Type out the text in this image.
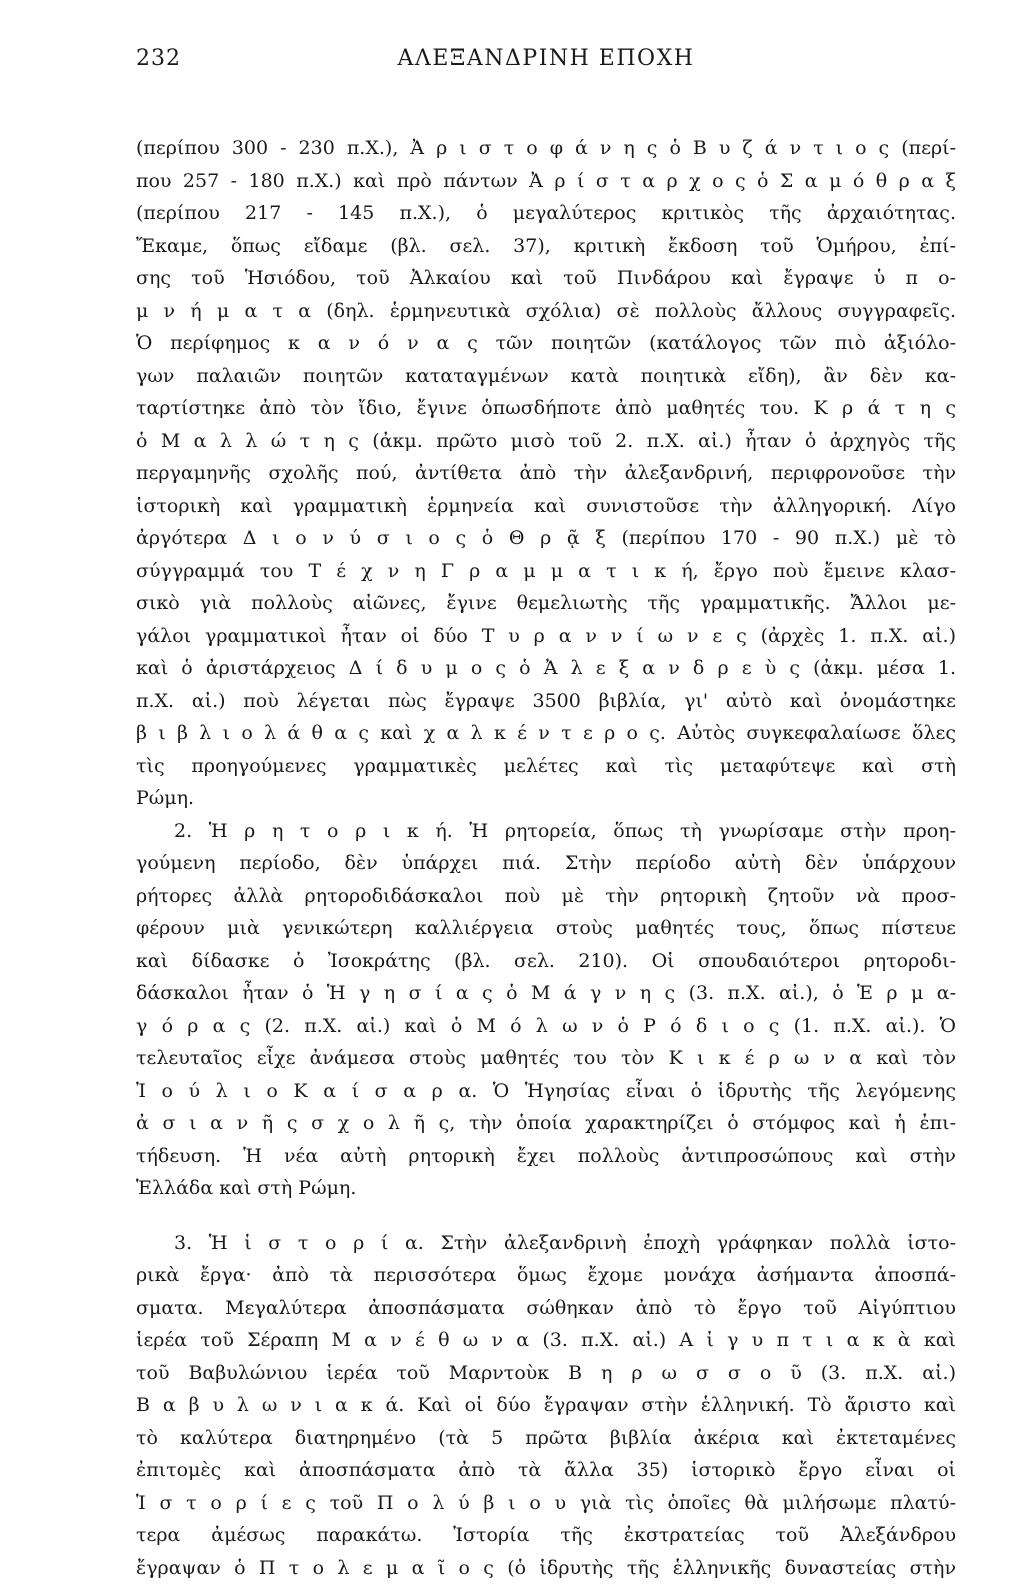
232	ΑΛΕΞΑΝΔΡΙΝΗ ΕΠΟΧΗ
(περίπου 300 - 230 π.Χ.), Ἀ ρ ι σ τ ο φ ά ν η ς ὁ Β υ ζ ά ν τ ι ο ς (περί-
που 257 - 180 π.Χ.) καὶ πρὸ πάντων Ἀ ρ ί σ τ α ρ χ ο ς ὁ Σ α μ ό θ ρ α ξ
(περίπου 217 - 145 π.Χ.), ὁ μεγαλύτερος κριτικὸς τῆς ἀρχαιότητας.
Ἔκαμε, ὅπως εἴδαμε (βλ. σελ. 37), κριτικὴ ἔκδοση τοῦ Ὁμήρου, ἐπί-
σης τοῦ Ἡσιόδου, τοῦ Ἀλκαίου καὶ τοῦ Πινδάρου καὶ ἔγραψε ὑ π ο-
μ ν ή μ α τ α (δηλ. ἑρμηνευτικὰ σχόλια) σὲ πολλοὺς ἄλλους συγγραφεῖς.
Ὁ περίφημος κ α ν ό ν α ς τῶν ποιητῶν (κατάλογος τῶν πιὸ ἀξιόλο-
γων παλαιῶν ποιητῶν καταταγμένων κατὰ ποιητικὰ εἴδη), ἂν δὲν κα-
ταρτίστηκε ἀπὸ τὸν ἴδιο, ἔγινε ὁπωσδήποτε ἀπὸ μαθητές του. Κ ρ ά τ η ς
ὁ Μ α λ λ ώ τ η ς (ἀκμ. πρῶτο μισὸ τοῦ 2. π.Χ. αἰ.) ἦταν ὁ ἀρχηγὸς τῆς
περγαμηνῆς σχολῆς πού, ἀντίθετα ἀπὸ τὴν ἀλεξανδρινή, περιφρονοῦσε τὴν
ἱστορικὴ καὶ γραμματικὴ ἑρμηνεία καὶ συνιστοῦσε τὴν ἀλληγορική. Λίγο
ἀργότερα Δ ι ο ν ύ σ ι ο ς ὁ Θ ρ ᾷ ξ (περίπου 170 - 90 π.Χ.) μὲ τὸ
σύγγραμμά του Τ έ χ ν η Γ ρ α μ μ α τ ι κ ή, ἔργο ποὺ ἔμεινε κλασ-
σικὸ γιὰ πολλοὺς αἰῶνες, ἔγινε θεμελιωτὴς τῆς γραμματικῆς. Ἄλλοι με-
γάλοι γραμματικοὶ ἦταν οἱ δύο Τ υ ρ α ν ν ί ω ν ε ς (ἀρχὲς 1. π.Χ. αἰ.)
καὶ ὁ ἀριστάρχειος Δ ί δ υ μ ο ς ὁ Ἀ λ ε ξ α ν δ ρ ε ὺ ς (ἀκμ. μέσα 1.
π.Χ. αἰ.) ποὺ λέγεται πὼς ἔγραψε 3500 βιβλία, γι' αὐτὸ καὶ ὀνομάστηκε
β ι β λ ι ο λ ά θ α ς καὶ χ α λ κ έ ν τ ε ρ ο ς. Αὐτὸς συγκεφαλαίωσε ὅλες
τὶς προηγούμενες γραμματικὲς μελέτες καὶ τὶς μεταφύτεψε καὶ στὴ
Ρώμη.
2. Ἡ ρ η τ ο ρ ι κ ή. Ἡ ρητορεία, ὅπως τὴ γνωρίσαμε στὴν προη-
γούμενη περίοδο, δὲν ὑπάρχει πιά. Στὴν περίοδο αὐτὴ δὲν ὑπάρχουν
ρήτορες ἀλλὰ ρητοροδιδάσκαλοι ποὺ μὲ τὴν ρητορικὴ ζητοῦν νὰ προσ-
φέρουν μιὰ γενικώτερη καλλιέργεια στοὺς μαθητές τους, ὅπως πίστευε
καὶ δίδασκε ὁ Ἰσοκράτης (βλ. σελ. 210). Οἱ σπουδαιότεροι ρητοροδι-
δάσκαλοι ἦταν ὁ Ἡ γ η σ ί α ς ὁ Μ ά γ ν η ς (3. π.Χ. αἰ.), ὁ Ἑ ρ μ α-
γ ό ρ α ς (2. π.Χ. αἰ.) καὶ ὁ Μ ό λ ω ν ὁ Ρ ό δ ι ο ς (1. π.Χ. αἰ.). Ὁ
τελευταῖος εἶχε ἀνάμεσα στοὺς μαθητές του τὸν Κ ι κ έ ρ ω ν α καὶ τὸν
Ἰ ο ύ λ ι ο Κ α ί σ α ρ α. Ὁ Ἡγησίας εἶναι ὁ ἱδρυτὴς τῆς λεγόμενης
ἀ σ ι α ν ῆ ς σ χ ο λ ῆ ς, τὴν ὁποία χαρακτηρίζει ὁ στόμφος καὶ ἡ ἐπι-
τήδευση. Ἡ νέα αὐτὴ ρητορικὴ ἔχει πολλοὺς ἀντιπροσώπους καὶ στὴν
Ἑλλάδα καὶ στὴ Ρώμη.
3. Ἡ ἱ σ τ ο ρ ί α. Στὴν ἀλεξανδρινὴ ἐποχὴ γράφηκαν πολλὰ ἱστο-
ρικὰ ἔργα· ἀπὸ τὰ περισσότερα ὅμως ἔχομε μονάχα ἀσήμαντα ἀποσπά-
σματα. Μεγαλύτερα ἀποσπάσματα σώθηκαν ἀπὸ τὸ ἔργο τοῦ Αἰγύπτιου
ἱερέα τοῦ Σέραπη Μ α ν έ θ ω ν α (3. π.Χ. αἰ.) Α ἰ γ υ π τ ι α κ ὰ καὶ
τοῦ Βαβυλώνιου ἱερέα τοῦ Μαρντοὺκ Β η ρ ω σ σ ο ῦ (3. π.Χ. αἰ.)
Β α β υ λ ω ν ι α κ ά. Καὶ οἱ δύο ἔγραψαν στὴν ἑλληνική. Τὸ ἄριστο καὶ
τὸ καλύτερα διατηρημένο (τὰ 5 πρῶτα βιβλία ἀκέρια καὶ ἐκτεταμένες
ἐπιτομὲς καὶ ἀποσπάσματα ἀπὸ τὰ ἄλλα 35) ἱστορικὸ ἔργο εἶναι οἱ
Ἱ σ τ ο ρ ί ε ς τοῦ Π ο λ ύ β ι ο υ γιὰ τὶς ὁποῖες θὰ μιλήσωμε πλατύ-
τερα ἀμέσως παρακάτω. Ἱστορία τῆς ἐκστρατείας τοῦ Ἀλεξάνδρου
ἔγραψαν ὁ Π τ ο λ ε μ α ῖ ο ς (ὁ ἱδρυτὴς τῆς ἑλληνικῆς δυναστείας στὴν
